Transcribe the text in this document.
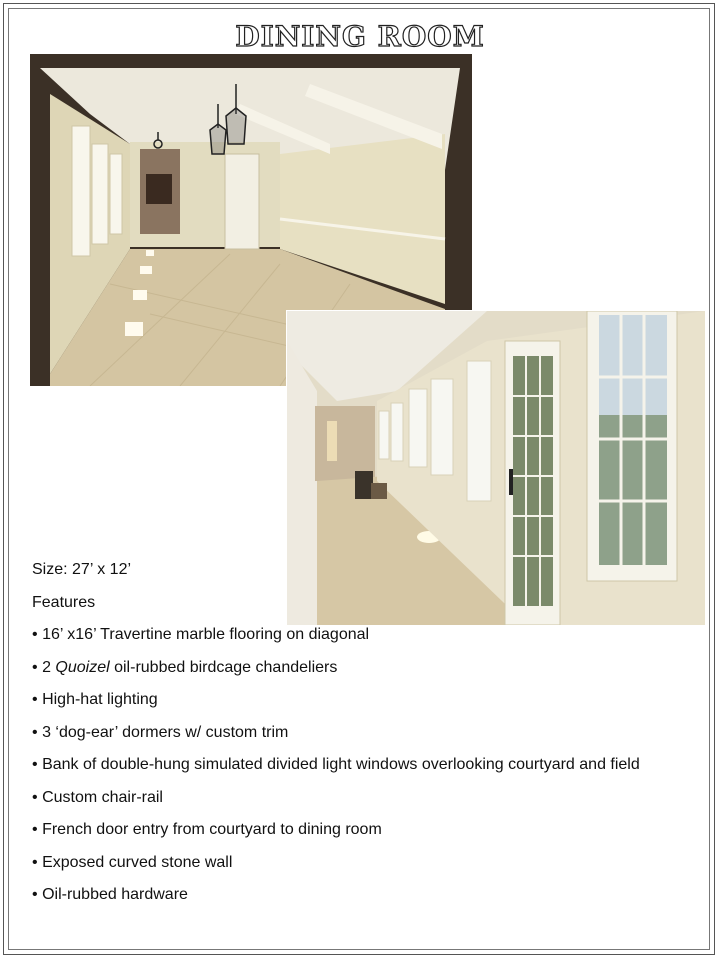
DINING ROOM

Size: 27’ x 12’

Features

• 16’ x16’ Travertine marble flooring on diagonal

• 2 Quoizel oil-rubbed birdcage chandeliers

• High-hat lighting

• 3 ‘dog-ear’ dormers w/ custom trim

• Bank of double-hung simulated divided light windows overlooking courtyard and field

• Custom chair-rail

• French door entry from courtyard to dining room

• Exposed curved stone wall

• Oil-rubbed hardware
